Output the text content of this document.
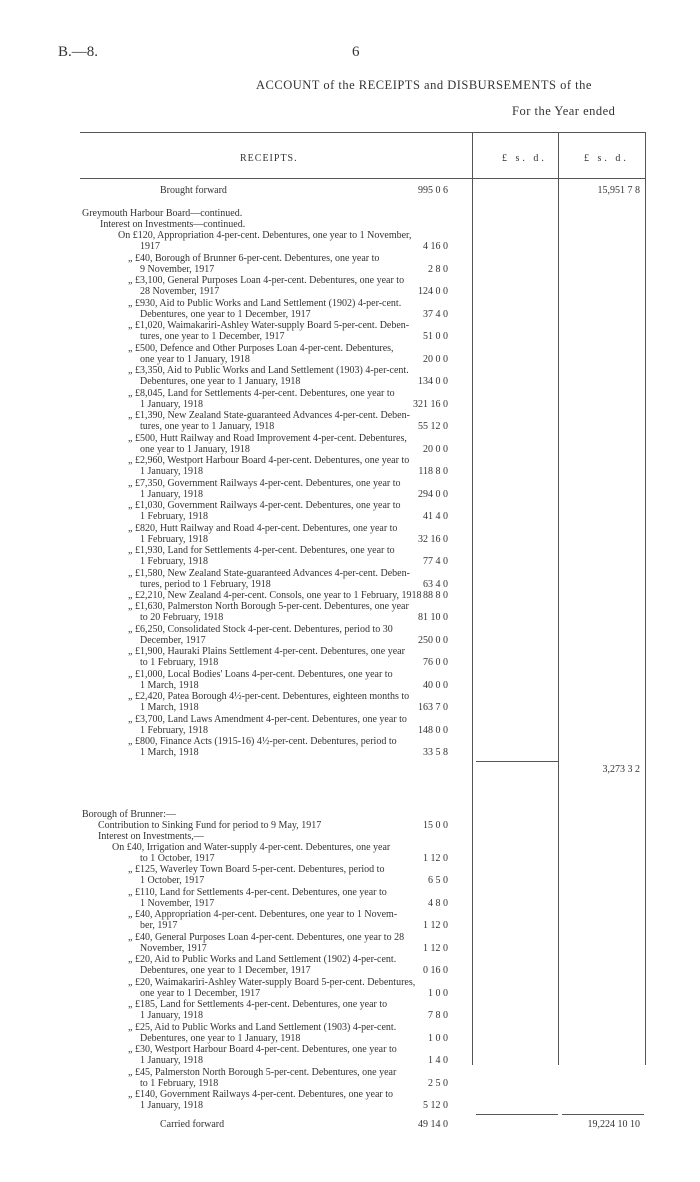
B.—8.	6
ACCOUNT of the RECEIPTS and DISBURSEMENTS of the
For the Year ended
RECEIPTS.	£ s. d.	£ s. d.
Brought forward	995 0 6	15,951 7 8
Greymouth Harbour Board—continued.
Interest on Investments—continued.
On £120, Appropriation 4-per-cent. Debentures, one year to 1 November,
1917	4 16 0
„ £40, Borough of Brunner 6-per-cent. Debentures, one year to
9 November, 1917	2 8 0
„ £3,100, General Purposes Loan 4-per-cent. Debentures, one year to
28 November, 1917	124 0 0
„ £930, Aid to Public Works and Land Settlement (1902) 4-per-cent.
Debentures, one year to 1 December, 1917	37 4 0
„ £1,020, Waimakariri-Ashley Water-supply Board 5-per-cent. Deben-
tures, one year to 1 December, 1917	51 0 0
„ £500, Defence and Other Purposes Loan 4-per-cent. Debentures,
one year to 1 January, 1918	20 0 0
„ £3,350, Aid to Public Works and Land Settlement (1903) 4-per-cent.
Debentures, one year to 1 January, 1918	134 0 0
„ £8,045, Land for Settlements 4-per-cent. Debentures, one year to
1 January, 1918	321 16 0
„ £1,390, New Zealand State-guaranteed Advances 4-per-cent. Deben-
tures, one year to 1 January, 1918	55 12 0
„ £500, Hutt Railway and Road Improvement 4-per-cent. Debentures,
one year to 1 January, 1918	20 0 0
„ £2,960, Westport Harbour Board 4-per-cent. Debentures, one year to
1 January, 1918	118 8 0
„ £7,350, Government Railways 4-per-cent. Debentures, one year to
1 January, 1918	294 0 0
„ £1,030, Government Railways 4-per-cent. Debentures, one year to
1 February, 1918	41 4 0
„ £820, Hutt Railway and Road 4-per-cent. Debentures, one year to
1 February, 1918	32 16 0
„ £1,930, Land for Settlements 4-per-cent. Debentures, one year to
1 February, 1918	77 4 0
„ £1,580, New Zealand State-guaranteed Advances 4-per-cent. Deben-
tures, period to 1 February, 1918	63 4 0
„ £2,210, New Zealand 4-per-cent. Consols, one year to 1 February, 1918 88 8 0
„ £1,630, Palmerston North Borough 5-per-cent. Debentures, one year
to 20 February, 1918	81 10 0
„ £6,250, Consolidated Stock 4-per-cent. Debentures, period to 30
December, 1917	250 0 0
„ £1,900, Hauraki Plains Settlement 4-per-cent. Debentures, one year
to 1 February, 1918	76 0 0
„ £1,000, Local Bodies' Loans 4-per-cent. Debentures, one year to
1 March, 1918	40 0 0
„ £2,420, Patea Borough 4½-per-cent. Debentures, eighteen months to
1 March, 1918	163 7 0
„ £3,700, Land Laws Amendment 4-per-cent. Debentures, one year to
1 February, 1918	148 0 0
„ £800, Finance Acts (1915-16) 4½-per-cent. Debentures, period to
1 March, 1918	33 5 8
3,273 3 2
Borough of Brunner:—
Contribution to Sinking Fund for period to 9 May, 1917	15 0 0
Interest on Investments,—
On £40, Irrigation and Water-supply 4-per-cent. Debentures, one year
to 1 October, 1917	1 12 0
„ £125, Waverley Town Board 5-per-cent. Debentures, period to
1 October, 1917	6 5 0
„ £110, Land for Settlements 4-per-cent. Debentures, one year to
1 November, 1917	4 8 0
„ £40, Appropriation 4-per-cent. Debentures, one year to 1 Novem-
ber, 1917	1 12 0
„ £40, General Purposes Loan 4-per-cent. Debentures, one year to 28
November, 1917	1 12 0
„ £20, Aid to Public Works and Land Settlement (1902) 4-per-cent.
Debentures, one year to 1 December, 1917	0 16 0
„ £20, Waimakariri-Ashley Water-supply Board 5-per-cent. Debentures,
one year to 1 December, 1917	1 0 0
„ £185, Land for Settlements 4-per-cent. Debentures, one year to
1 January, 1918	7 8 0
„ £25, Aid to Public Works and Land Settlement (1903) 4-per-cent.
Debentures, one year to 1 January, 1918	1 0 0
„ £30, Westport Harbour Board 4-per-cent. Debentures, one year to
1 January, 1918	1 4 0
„ £45, Palmerston North Borough 5-per-cent. Debentures, one year
to 1 February, 1918	2 5 0
„ £140, Government Railways 4-per-cent. Debentures, one year to
1 January, 1918	5 12 0
Carried forward	49 14 0	19,224 10 10
